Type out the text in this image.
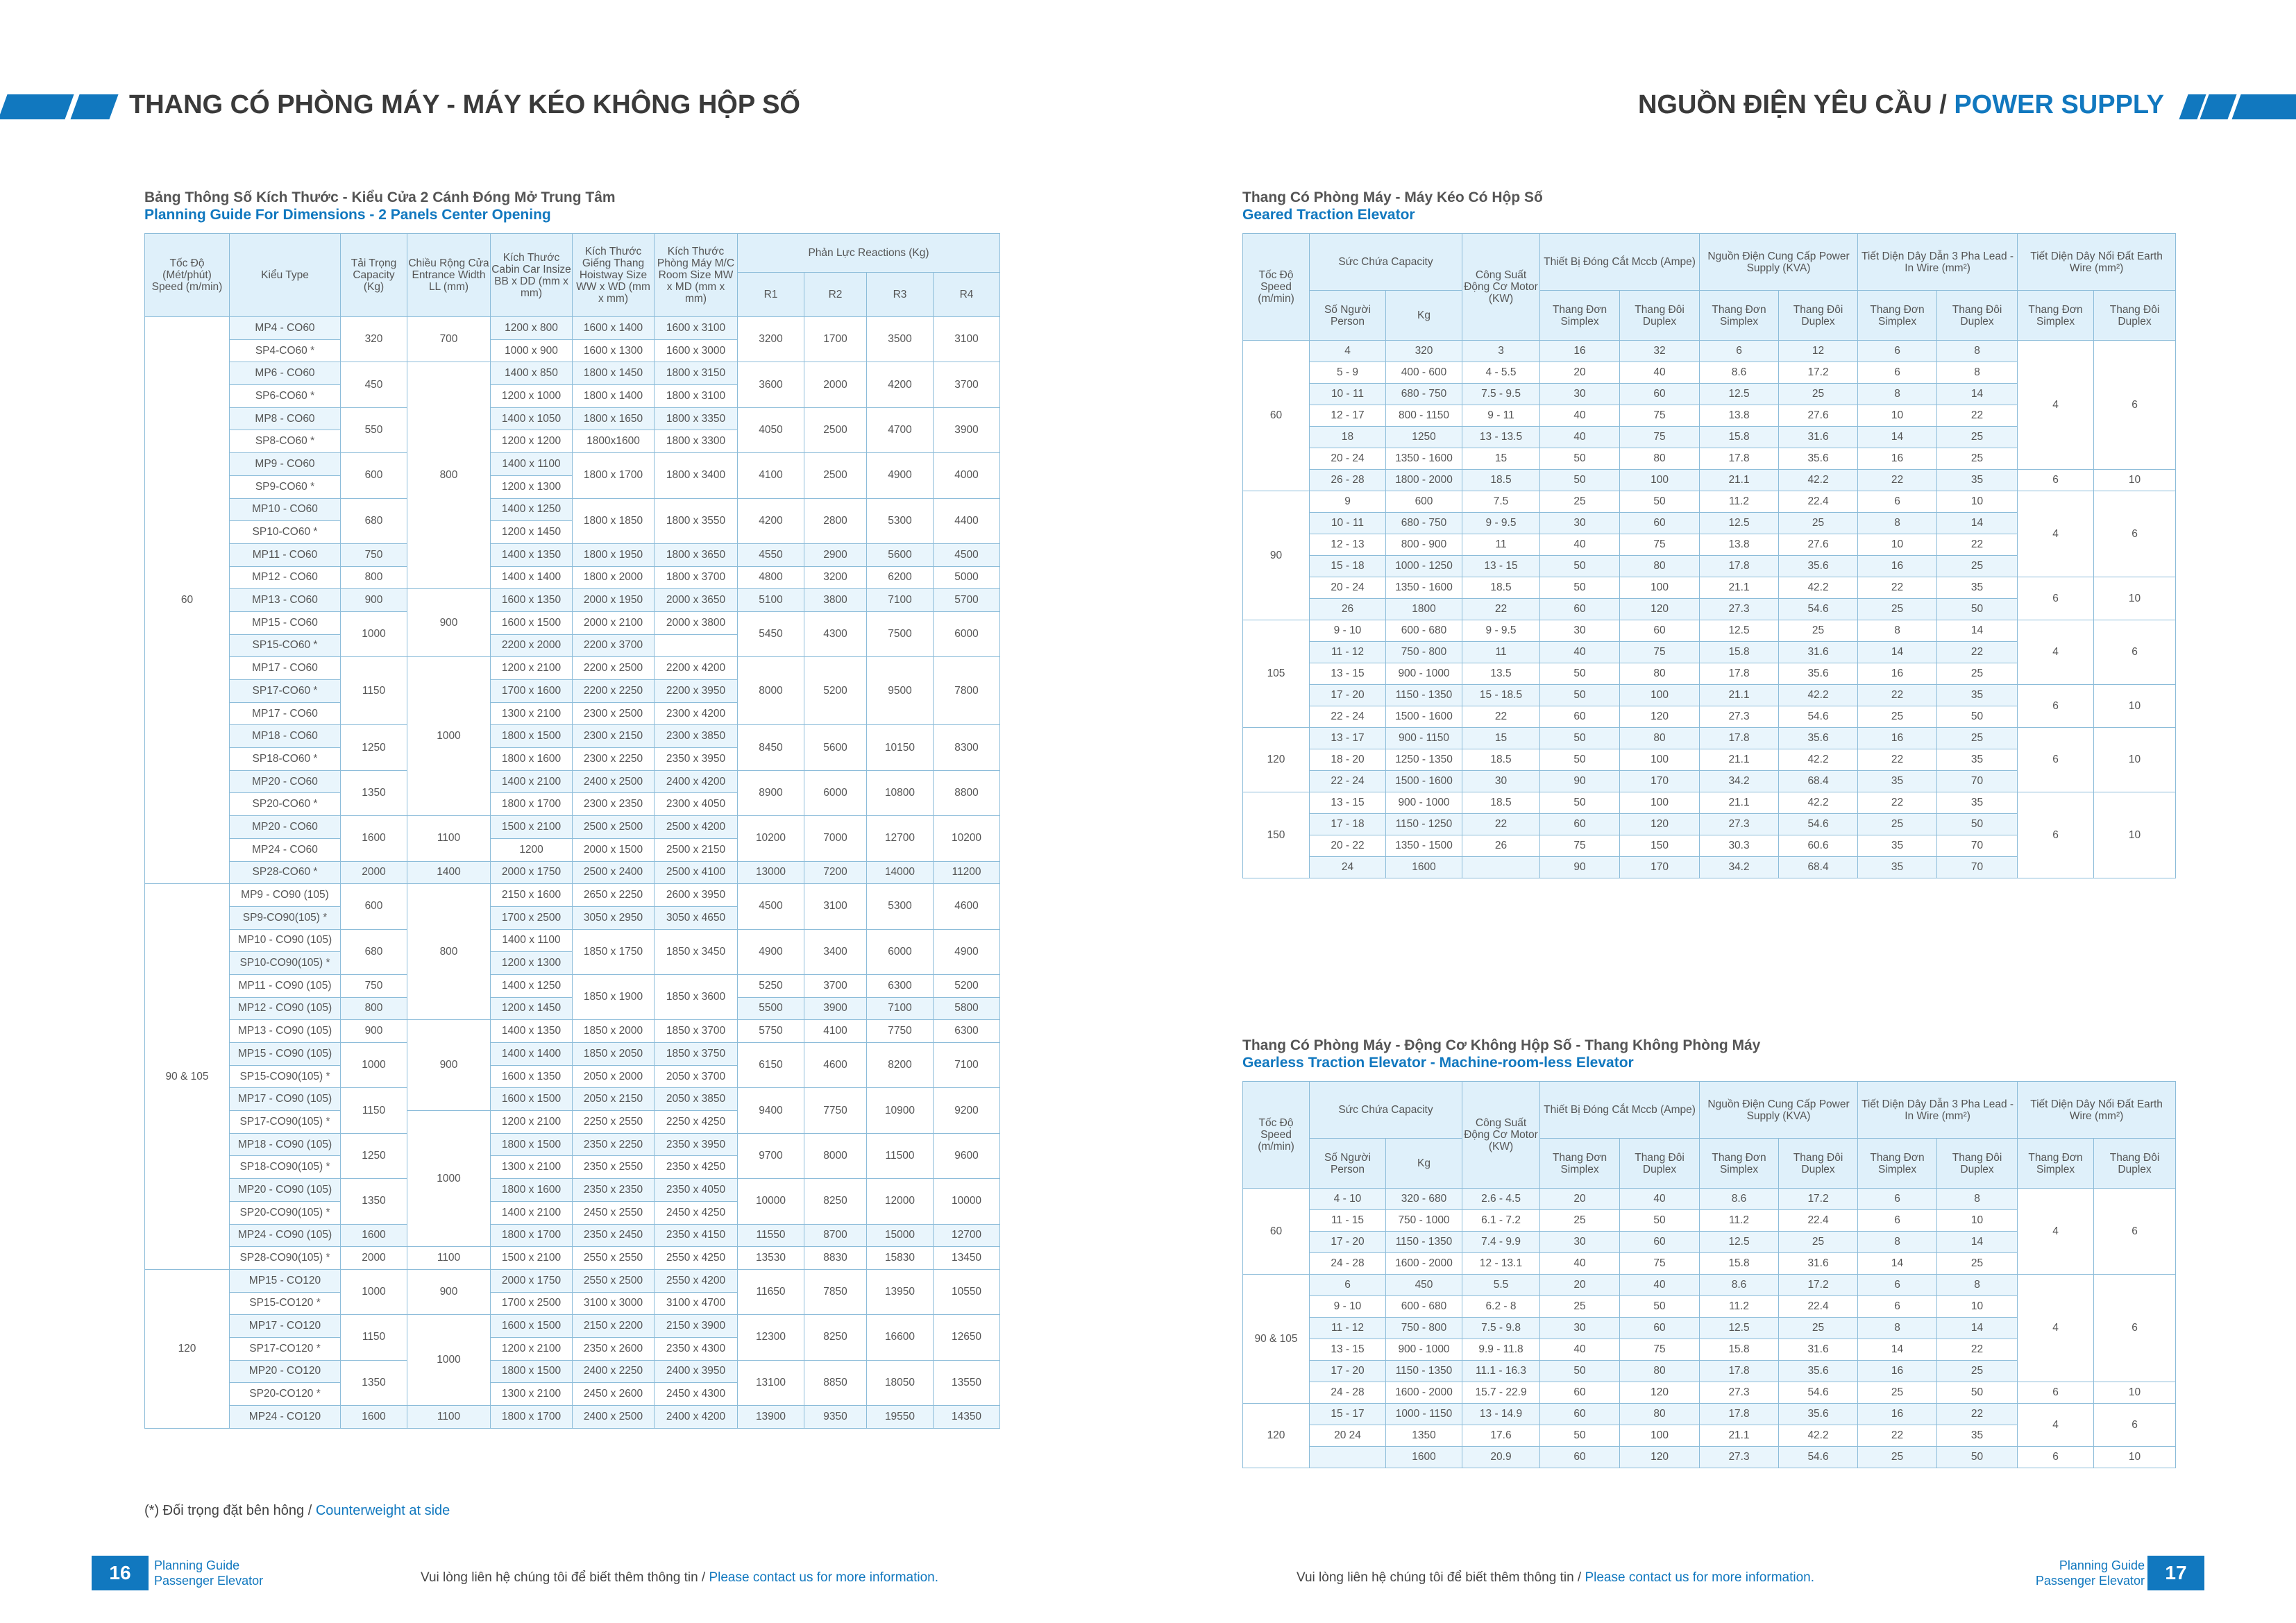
THANG CÓ PHÒNG MÁY - MÁY KÉO KHÔNG HỘP SỐ	NGUỒN ĐIỆN YÊU CẦU / POWER SUPPLY
Bảng Thông Số Kích Thước - Kiểu Cửa 2 Cánh Đóng Mở Trung Tâm
Planning Guide For Dimensions - 2 Panels Center Opening
Tốc Độ (Mét/phút) Speed (m/min)	Kiểu Type	Tải Trọng Capacity (Kg)	Chiều Rộng Cửa Entrance Width LL (mm)	Kích Thước Cabin Car Insize BB x DD (mm x mm)	Kích Thước Giếng Thang Hoistway Size WW x WD (mm x mm)	Kích Thước Phòng Máy M/C Room Size MW x MD (mm x mm)	Phản Lực Reactions (Kg)				
							R1	R2	R3	R4	
60	MP4 - CO60	320	700	1200 x 800	1600 x 1400	1600 x 3100	3200	1700	3500	3100	
	SP4-CO60 *			1000 x 900	1600 x 1300	1600 x 3000					
	MP6 - CO60	450	800	1400 x 850	1800 x 1450	1800 x 3150	3600	2000	4200	3700	
	SP6-CO60 *			1200 x 1000	1800 x 1400	1800 x 3100					
	MP8 - CO60	550		1400 x 1050	1800 x 1650	1800 x 3350	4050	2500	4700	3900	
	SP8-CO60 *			1200 x 1200	1800x1600	1800 x 3300					
	MP9 - CO60	600		1400 x 1100	1800 x 1700	1800 x 3400	4100	2500	4900	4000	
	SP9-CO60 *			1200 x 1300							
	MP10 - CO60	680		1400 x 1250	1800 x 1850	1800 x 3550	4200	2800	5300	4400	
	SP10-CO60 *			1200 x 1450							
	MP11 - CO60	750		1400 x 1350	1800 x 1950	1800 x 3650	4550	2900	5600	4500	
	MP12 - CO60	800		1400 x 1400	1800 x 2000	1800 x 3700	4800	3200	6200	5000	
	MP13 - CO60	900	900	1600 x 1350	2000 x 1950	2000 x 3650	5100	3800	7100	5700	
	MP15 - CO60	1000		1600 x 1500	2000 x 2100	2000 x 3800	5450	4300	7500	6000	
	SP15-CO60 *			2200 x 2000	2200 x 3700						
	MP17 - CO60	1150	1000	1200 x 2100	2200 x 2500	2200 x 4200	8000	5200	9500	7800	
	SP17-CO60 *			1700 x 1600	2200 x 2250	2200 x 3950					
	MP17 - CO60			1300 x 2100	2300 x 2500	2300 x 4200					
	MP18 - CO60	1250		1800 x 1500	2300 x 2150	2300 x 3850	8450	5600	10150	8300	
	SP18-CO60 *			1800 x 1600	2300 x 2250	2350 x 3950					
	MP20 - CO60	1350		1400 x 2100	2400 x 2500	2400 x 4200	8900	6000	10800	8800	
	SP20-CO60 *			1800 x 1700	2300 x 2350	2300 x 4050					
	MP20 - CO60	1600	1100	1500 x 2100	2500 x 2500	2500 x 4200	10200	7000	12700	10200	
	MP24 - CO60			1200	2000 x 1500	2500 x 2150	
	SP28-CO60 *	2000	1400	2000 x 1750	2500 x 2400	2500 x 4100	13000	7200	14000	11200	
90 & 105	MP9 - CO90 (105)	600	800	2150 x 1600	2650 x 2250	2600 x 3950	4500	3100	5300	4600	
	SP9-CO90(105) *			1700 x 2500	3050 x 2950	3050 x 4650					
	MP10 - CO90 (105)	680		1400 x 1100	1850 x 1750	1850 x 3450	4900	3400	6000	4900	
	SP10-CO90(105) *			1200 x 1300							
	MP11 - CO90 (105)	750		1400 x 1250	1850 x 1900	1850 x 3600	5250	3700	6300	5200	
	MP12 - CO90 (105)	800		1200 x 1450			5500	3900	7100	5800	
	MP13 - CO90 (105)	900	900	1400 x 1350	1850 x 2000	1850 x 3700	5750	4100	7750	6300	
	MP15 - CO90 (105)	1000		1400 x 1400	1850 x 2050	1850 x 3750	6150	4600	8200	7100	
	SP15-CO90(105) *			1600 x 1350	2050 x 2000	2050 x 3700					
	MP17 - CO90 (105)	1150		1600 x 1500	2050 x 2150	2050 x 3850	9400	7750	10900	9200	
	SP17-CO90(105) *		1000	1200 x 2100	2250 x 2550	2250 x 4250					
	MP18 - CO90 (105)	1250		1800 x 1500	2350 x 2250	2350 x 3950	9700	8000	11500	9600	
	SP18-CO90(105) *			1300 x 2100	2350 x 2550	2350 x 4250					
	MP20 - CO90 (105)	1350		1800 x 1600	2350 x 2350	2350 x 4050	10000	8250	12000	10000	
	SP20-CO90(105) *			1400 x 2100	2450 x 2550	2450 x 4250					
	MP24 - CO90 (105)	1600		1800 x 1700	2350 x 2450	2350 x 4150	11550	8700	15000	12700	
	SP28-CO90(105) *	2000	1100	1500 x 2100	2550 x 2550	2550 x 4250	13530	8830	15830	13450	
120	MP15 - CO120	1000	900	2000 x 1750	2550 x 2500	2550 x 4200	11650	7850	13950	10550	
	SP15-CO120 *			1700 x 2500	3100 x 3000	3100 x 4700					
	MP17 - CO120	1150	1000	1600 x 1500	2150 x 2200	2150 x 3900	12300	8250	16600	12650	
	SP17-CO120 *			1200 x 2100	2350 x 2600	2350 x 4300					
	MP20 - CO120	1350		1800 x 1500	2400 x 2250	2400 x 3950	13100	8850	18050	13550	
	SP20-CO120 *			1300 x 2100	2450 x 2600	2450 x 4300					
	MP24 - CO120	1600	1100	1800 x 1700	2400 x 2500	2400 x 4200	13900	9350	19550	14350	
(*) Đối trọng đặt bên hông / Counterweight at side
Thang Có Phòng Máy - Máy Kéo Có Hộp Số
Geared Traction Elevator
Tốc Độ Speed (m/min)	Sức Chứa Capacity		Công Suất Động Cơ Motor (KW)	Thiết Bị Đóng Cắt Mccb (Ampe)		Nguồn Điện Cung Cấp Power Supply (KVA)		Tiết Diện Dây Dẫn 3 Pha Lead - In Wire (mm²)		Tiết Diện Dây Nối Đất Earth Wire (mm²)	
	Số Người Person	Kg		Thang Đơn Simplex	Thang Đôi Duplex	Thang Đơn Simplex	Thang Đôi Duplex	Thang Đơn Simplex	Thang Đôi Duplex	Thang Đơn Simplex	Thang Đôi Duplex
60	4	320	3	16	32	6	12	6	8	4	6
	5 - 9	400 - 600	4 - 5.5	20	40	8.6	17.2	6	8		
	10 - 11	680 - 750	7.5 - 9.5	30	60	12.5	25	8	14		
	12 - 17	800 - 1150	9 - 11	40	75	13.8	27.6	10	22		
	18	1250	13 - 13.5	40	75	15.8	31.6	14	25		
	20 - 24	1350 - 1600	15	50	80	17.8	35.6	16	25		
	26 - 28	1800 - 2000	18.5	50	100	21.1	42.2	22	35	6	10
90	9	600	7.5	25	50	11.2	22.4	6	10	4	6
	10 - 11	680 - 750	9 - 9.5	30	60	12.5	25	8	14		
	12 - 13	800 - 900	11	40	75	13.8	27.6	10	22		
	15 - 18	1000 - 1250	13 - 15	50	80	17.8	35.6	16	25		
	20 - 24	1350 - 1600	18.5	50	100	21.1	42.2	22	35	6	10
	26	1800	22	60	120	27.3	54.6	25	50		
105	9 - 10	600 - 680	9 - 9.5	30	60	12.5	25	8	14	4	6
	11 - 12	750 - 800	11	40	75	15.8	31.6	14	22		
	13 - 15	900 - 1000	13.5	50	80	17.8	35.6	16	25		
	17 - 20	1150 - 1350	15 - 18.5	50	100	21.1	42.2	22	35	6	10
	22 - 24	1500 - 1600	22	60	120	27.3	54.6	25	50		
120	13 - 17	900 - 1150	15	50	80	17.8	35.6	16	25	6	10
	18 - 20	1250 - 1350	18.5	50	100	21.1	42.2	22	35		
	22 - 24	1500 - 1600	30	90	170	34.2	68.4	35	70		
150	13 - 15	900 - 1000	18.5	50	100	21.1	42.2	22	35	6	10
	17 - 18	1150 - 1250	22	60	120	27.3	54.6	25	50		
	20 - 22	1350 - 1500	26	75	150	30.3	60.6	35	70		
	24	1600		90	170	34.2	68.4	35	70		
Thang Có Phòng Máy - Động Cơ Không Hộp Số - Thang Không Phòng Máy
Gearless Traction Elevator - Machine-room-less Elevator
Tốc Độ Speed (m/min)	Sức Chứa Capacity		Công Suất Động Cơ Motor (KW)	Thiết Bị Đóng Cắt Mccb (Ampe)		Nguồn Điện Cung Cấp Power Supply (KVA)		Tiết Diện Dây Dẫn 3 Pha Lead - In Wire (mm²)		Tiết Diện Dây Nối Đất Earth Wire (mm²)	
	Số Người Person	Kg		Thang Đơn Simplex	Thang Đôi Duplex	Thang Đơn Simplex	Thang Đôi Duplex	Thang Đơn Simplex	Thang Đôi Duplex	Thang Đơn Simplex	Thang Đôi Duplex
60	4 - 10	320 - 680	2.6 - 4.5	20	40	8.6	17.2	6	8	4	6
	11 - 15	750 - 1000	6.1 - 7.2	25	50	11.2	22.4	6	10		
	17 - 20	1150 - 1350	7.4 - 9.9	30	60	12.5	25	8	14		
	24 - 28	1600 - 2000	12 - 13.1	40	75	15.8	31.6	14	25		
90 & 105	6	450	5.5	20	40	8.6	17.2	6	8	4	6
	9 - 10	600 - 680	6.2 - 8	25	50	11.2	22.4	6	10		
	11 - 12	750 - 800	7.5 - 9.8	30	60	12.5	25	8	14		
	13 - 15	900 - 1000	9.9 - 11.8	40	75	15.8	31.6	14	22		
	17 - 20	1150 - 1350	11.1 - 16.3	50	80	17.8	35.6	16	25		
	24 - 28	1600 - 2000	15.7 - 22.9	60	120	27.3	54.6	25	50	6	10
120	15 - 17	1000 - 1150	13 - 14.9	60	80	17.8	35.6	16	22	4	6
	20 24	1350	17.6	50	100	21.1	42.2	22	35		
		1600	20.9	60	120	27.3	54.6	25	50	6	10
16	Planning Guide
Passenger Elevator	Vui lòng liên hệ chúng tôi để biết thêm thông tin / Please contact us for more information.	Vui lòng liên hệ chúng tôi để biết thêm thông tin / Please contact us for more information.
Planning Guide
Passenger Elevator	17
